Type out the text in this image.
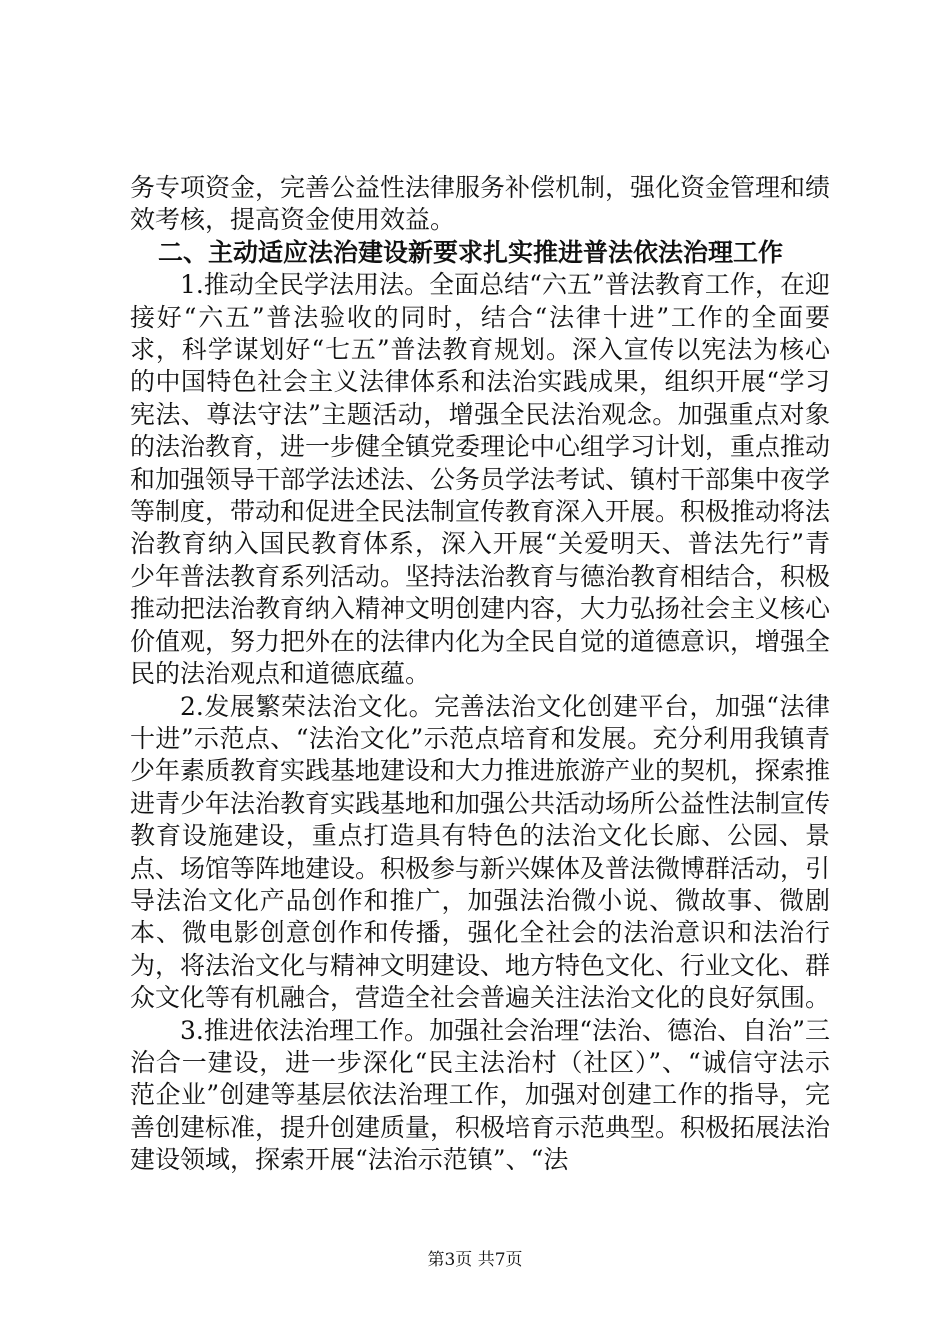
务专项资金，完善公益性法律服务补偿机制，强化资金管理和绩效考核，提高资金使用效益。

二、主动适应法治建设新要求扎实推进普法依法治理工作

1.推动全民学法用法。全面总结“六五”普法教育工作，在迎接好“六五”普法验收的同时，结合“法律十进”工作的全面要求，科学谋划好“七五”普法教育规划。深入宣传以宪法为核心的中国特色社会主义法律体系和法治实践成果，组织开展“学习宪法、尊法守法”主题活动，增强全民法治观念。加强重点对象的法治教育，进一步健全镇党委理论中心组学习计划，重点推动和加强领导干部学法述法、公务员学法考试、镇村干部集中夜学等制度，带动和促进全民法制宣传教育深入开展。积极推动将法治教育纳入国民教育体系，深入开展“关爱明天、普法先行”青少年普法教育系列活动。坚持法治教育与德治教育相结合，积极推动把法治教育纳入精神文明创建内容，大力弘扬社会主义核心价值观，努力把外在的法律内化为全民自觉的道德意识，增强全民的法治观点和道德底蕴。

2.发展繁荣法治文化。完善法治文化创建平台，加强“法律十进”示范点、“法治文化”示范点培育和发展。充分利用我镇青少年素质教育实践基地建设和大力推进旅游产业的契机，探索推进青少年法治教育实践基地和加强公共活动场所公益性法制宣传教育设施建设，重点打造具有特色的法治文化长廊、公园、景点、场馆等阵地建设。积极参与新兴媒体及普法微博群活动，引导法治文化产品创作和推广，加强法治微小说、微故事、微剧本、微电影创意创作和传播，强化全社会的法治意识和法治行为，将法治文化与精神文明建设、地方特色文化、行业文化、群众文化等有机融合，营造全社会普遍关注法治文化的良好氛围。

3.推进依法治理工作。加强社会治理“法治、德治、自治”三治合一建设，进一步深化“民主法治村（社区）”、“诚信守法示范企业”创建等基层依法治理工作，加强对创建工作的指导，完善创建标准，提升创建质量，积极培育示范典型。积极拓展法治建设领域，探索开展“法治示范镇”、“法

第3页 共7页
